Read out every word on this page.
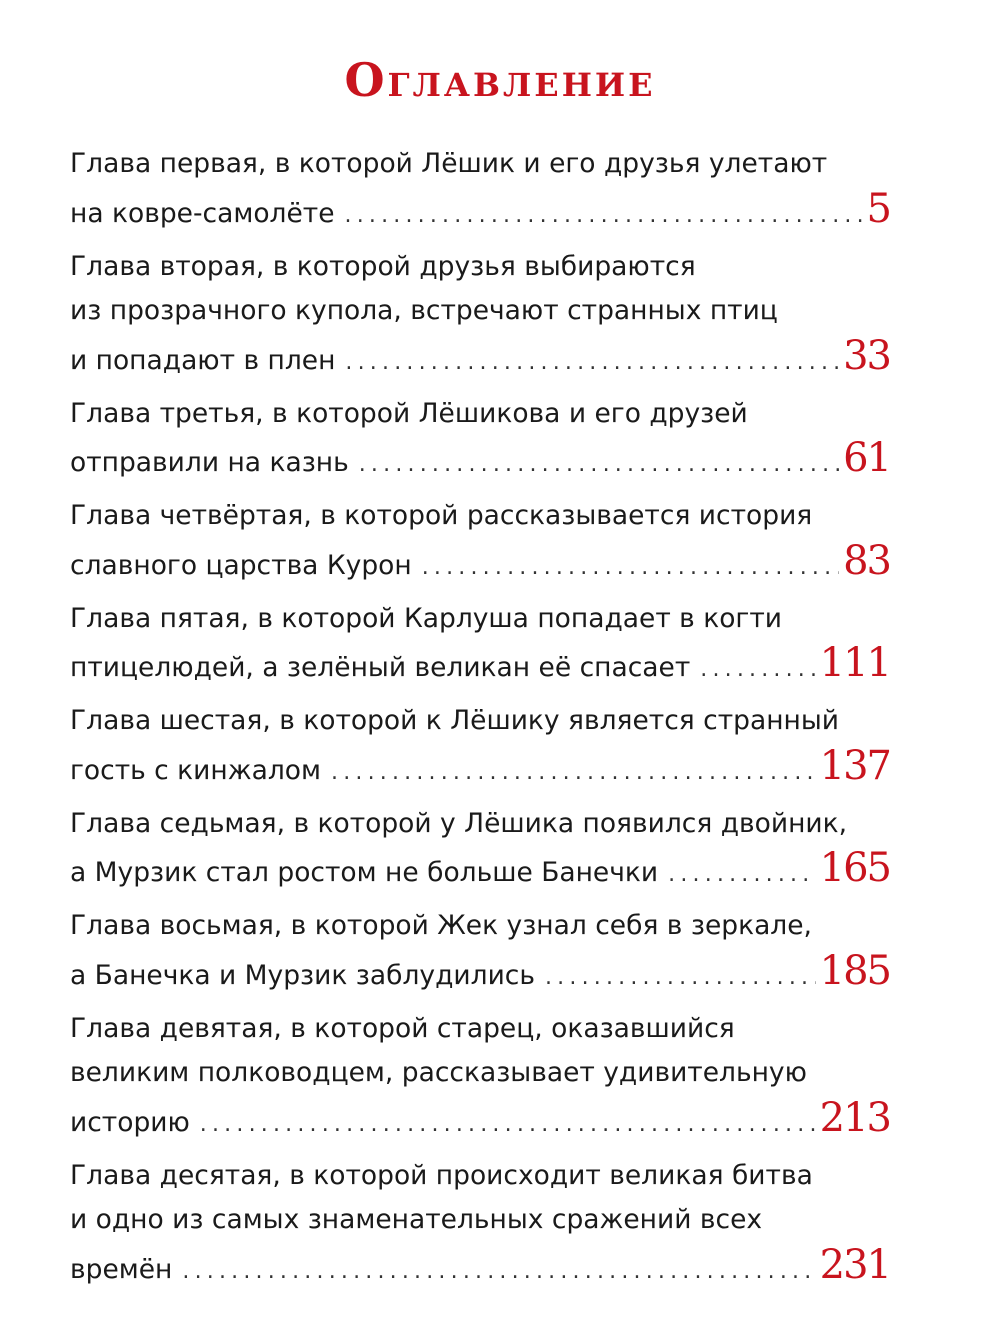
Оглавление
Глава первая, в которой Лёшик и его друзья улетают
на ковре-самолёте .....	5
Глава вторая, в которой друзья выбираются
из прозрачного купола, встречают странных птиц
и попадают в плен .....	33
Глава третья, в которой Лёшикова и его друзей
отправили на казнь .....	61
Глава четвёртая, в которой рассказывается история
славного царства Курон .....	83
Глава пятая, в которой Карлуша попадает в когти
птицелюдей, а зелёный великан её спасает .....	111
Глава шестая, в которой к Лёшику является странный
гость с кинжалом .....	137
Глава седьмая, в которой у Лёшика появился двойник,
а Мурзик стал ростом не больше Банечки .....	165
Глава восьмая, в которой Жек узнал себя в зеркале,
а Банечка и Мурзик заблудились .....	185
Глава девятая, в которой старец, оказавшийся
великим полководцем, рассказывает удивительную
историю .....	213
Глава десятая, в которой происходит великая битва
и одно из самых знаменательных сражений всех
времён .....	231
